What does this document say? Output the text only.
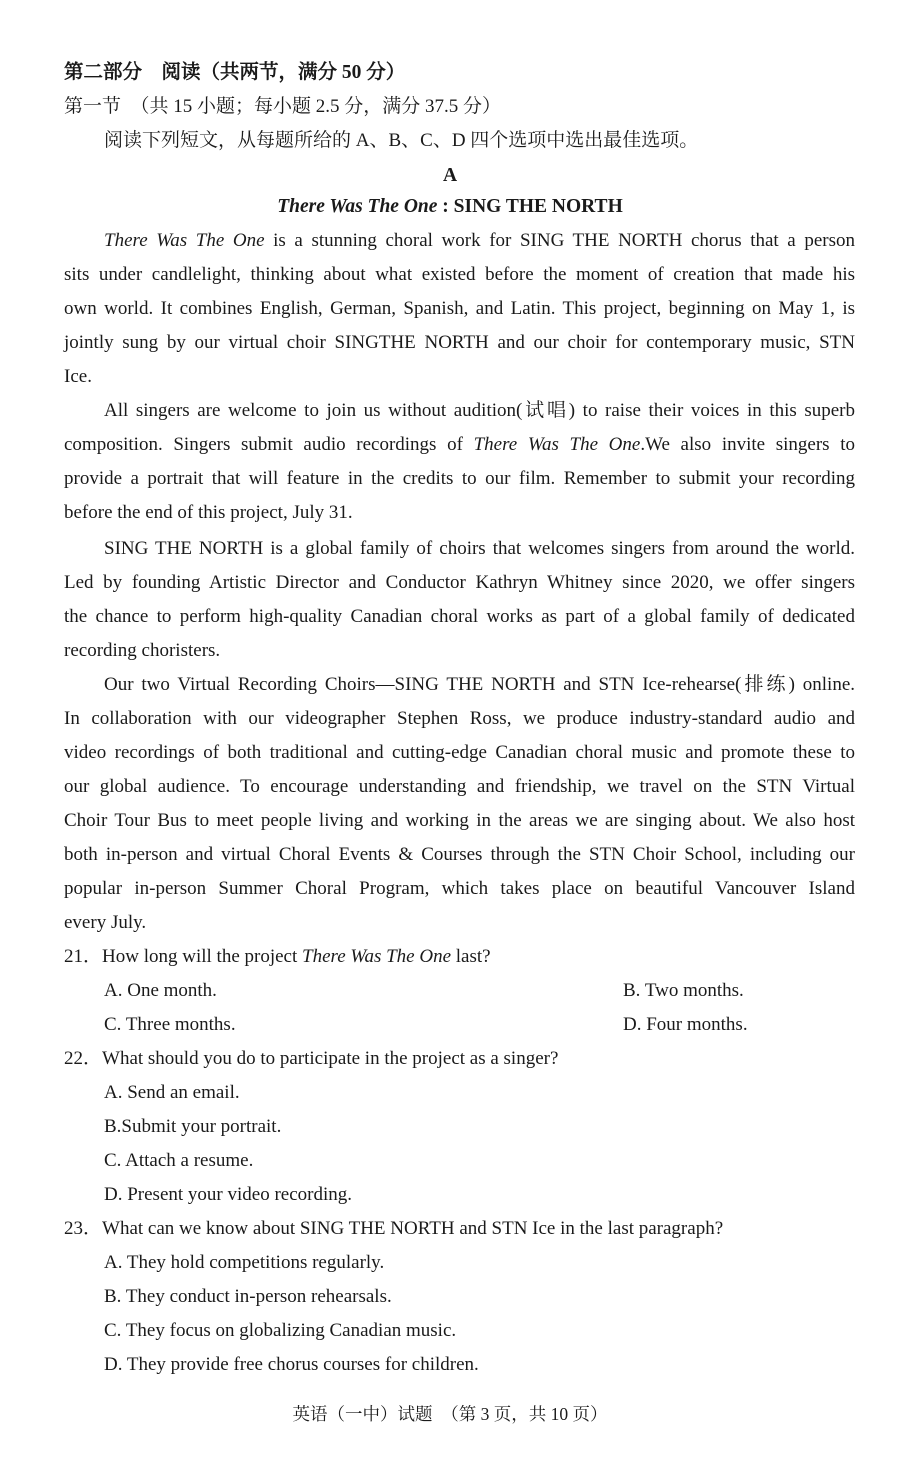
第二部分　阅读（共两节，满分 50 分）
第一节　（共 15 小题；每小题 2.5 分，满分 37.5 分）
阅读下列短文，从每题所给的 A、B、C、D 四个选项中选出最佳选项。
A
There Was The One : SING THE NORTH
There Was The One is a stunning choral work for SING THE NORTH chorus that a person
sits under candlelight, thinking about what existed before the moment of creation that made his
own world. It combines English, German, Spanish, and Latin. This project, beginning on May 1, is
jointly sung by our virtual choir SINGTHE NORTH and our choir for contemporary music, STN
Ice.
All singers are welcome to join us without audition(试唱) to raise their voices in this superb
composition. Singers submit audio recordings of There Was The One.We also invite singers to
provide a portrait that will feature in the credits to our film. Remember to submit your recording
before the end of this project, July 31.
SING THE NORTH is a global family of choirs that welcomes singers from around the world.
Led by founding Artistic Director and Conductor Kathryn Whitney since 2020, we offer singers
the chance to perform high-quality Canadian choral works as part of a global family of dedicated
recording choristers.
Our two Virtual Recording Choirs—SING THE NORTH and STN Ice-rehearse(排练) online.
In collaboration with our videographer Stephen Ross, we produce industry-standard audio and
video recordings of both traditional and cutting-edge Canadian choral music and promote these to
our global audience. To encourage understanding and friendship, we travel on the STN Virtual
Choir Tour Bus to meet people living and working in the areas we are singing about. We also host
both in-person and virtual Choral Events & Courses through the STN Choir School, including our
popular in-person Summer Choral Program, which takes place on beautiful Vancouver Island
every July.
21．How long will the project There Was The One last?
A. One month.	B. Two months.
C. Three months.	D. Four months.
22．What should you do to participate in the project as a singer?
A. Send an email.
B.Submit your portrait.
C. Attach a resume.
D. Present your video recording.
23．What can we know about SING THE NORTH and STN Ice in the last paragraph?
A. They hold competitions regularly.
B. They conduct in-person rehearsals.
C. They focus on globalizing Canadian music.
D. They provide free chorus courses for children.
英语（一中）试题　（第 3 页，共 10 页）
